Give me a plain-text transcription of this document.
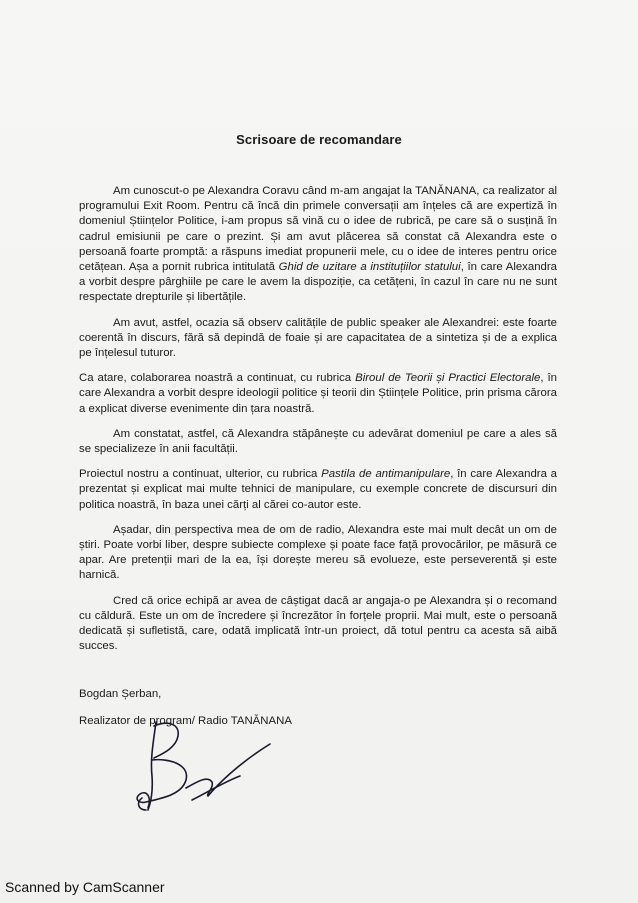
Scrisoare de recomandare

Am cunoscut-o pe Alexandra Coravu când m-am angajat la TANĂNANA, ca realizator al programului Exit Room. Pentru că încă din primele conversații am înțeles că are expertiză în domeniul Științelor Politice, i-am propus să vină cu o idee de rubrică, pe care să o susțină în cadrul emisiunii pe care o prezint. Și am avut plăcerea să constat că Alexandra este o persoană foarte promptă: a răspuns imediat propunerii mele, cu o idee de interes pentru orice cetățean. Așa a pornit rubrica intitulată Ghid de uzitare a instituțiilor statului, în care Alexandra a vorbit despre pârghiile pe care le avem la dispoziție, ca cetățeni, în cazul în care nu ne sunt respectate drepturile și libertățile.

Am avut, astfel, ocazia să observ calitățile de public speaker ale Alexandrei: este foarte coerentă în discurs, fără să depindă de foaie și are capacitatea de a sintetiza și de a explica pe înțelesul tuturor.

Ca atare, colaborarea noastră a continuat, cu rubrica Biroul de Teorii și Practici Electorale, în care Alexandra a vorbit despre ideologii politice și teorii din Științele Politice, prin prisma cărora a explicat diverse evenimente din țara noastră.

Am constatat, astfel, că Alexandra stăpânește cu adevărat domeniul pe care a ales să se specializeze în anii facultății.

Proiectul nostru a continuat, ulterior, cu rubrica Pastila de antimanipulare, în care Alexandra a prezentat și explicat mai multe tehnici de manipulare, cu exemple concrete de discursuri din politica noastră, în baza unei cărți al cărei co-autor este.

Așadar, din perspectiva mea de om de radio, Alexandra este mai mult decât un om de știri. Poate vorbi liber, despre subiecte complexe și poate face față provocărilor, pe măsură ce apar. Are pretenții mari de la ea, își dorește mereu să evolueze, este perseverentă și este harnică.

Cred că orice echipă ar avea de câștigat dacă ar angaja-o pe Alexandra și o recomand cu căldură. Este un om de încredere și încrezător în forțele proprii. Mai mult, este o persoană dedicată și sufletistă, care, odată implicată într-un proiect, dă totul pentru ca acesta să aibă succes.

Bogdan Șerban,
Realizator de program/ Radio TANĂNANA
Scanned by CamScanner
